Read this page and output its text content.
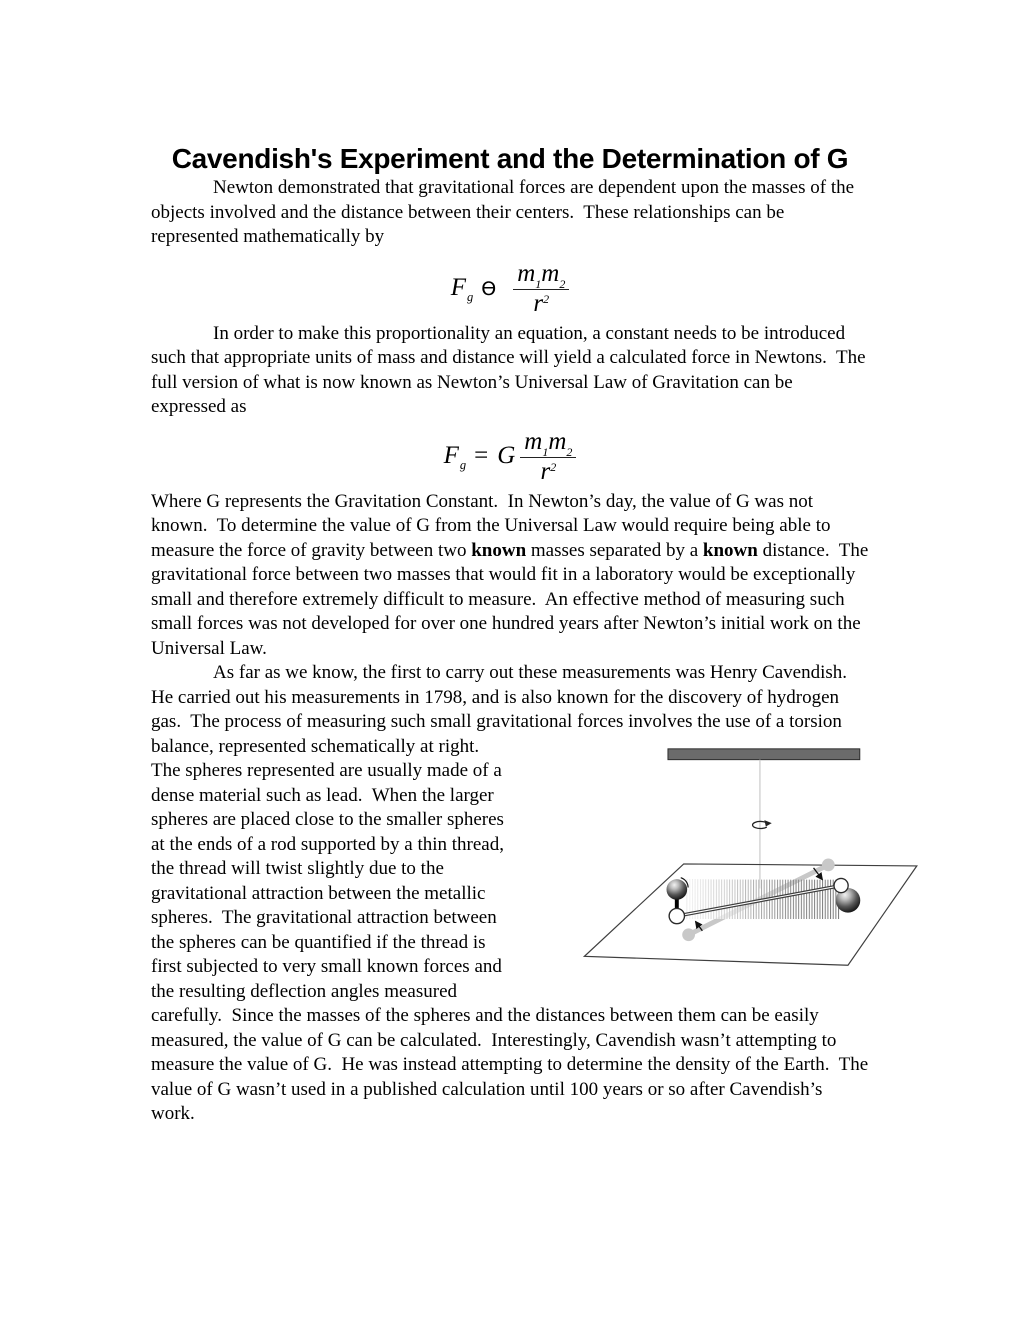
Cavendish's Experiment and the Determination of G

Newton demonstrated that gravitational forces are dependent upon the masses of the objects involved and the distance between their centers.  These relationships can be represented mathematically by

F g Ɵ $\frac{m_1m_2}{r^2}$

In order to make this proportionality an equation, a constant needs to be introduced such that appropriate units of mass and distance will yield a calculated force in Newtons.  The full version of what is now known as Newton’s Universal Law of Gravitation can be expressed as

F g = G $\frac{m_1m_2}{r^2}$

Where G represents the Gravitation Constant.  In Newton’s day, the value of G was not known.  To determine the value of G from the Universal Law would require being able to measure the force of gravity between two known masses separated by a known distance.  The gravitational force between two masses that would fit in a laboratory would be exceptionally small and therefore extremely difficult to measure.  An effective method of measuring such small forces was not developed for over one hundred years after Newton’s initial work on the Universal Law.

As far as we know, the first to carry out these measurements was Henry Cavendish.  He carried out his measurements in 1798, and is also known for the discovery of hydrogen gas.  The process of measuring such small gravitational forces involves the use of a torsion balance,
represented schematically at right. The spheres represented are usually made of a dense material such as lead.  When the larger spheres are placed close to the smaller spheres at the ends of a rod supported by a thin thread, the thread will twist slightly due to the gravitational attraction between the metallic spheres.  The gravitational attraction between the spheres can be quantified if the thread is first subjected to very small known forces and the resulting deflection angles measured carefully.  Since the masses of the spheres and the distances between them can be easily measured, the value of G can be calculated.  Interestingly, Cavendish wasn’t attempting to measure the value of G.  He was instead attempting to determine the density of the Earth.  The value of G wasn’t used in a published calculation until 100 years or so after Cavendish’s work.
